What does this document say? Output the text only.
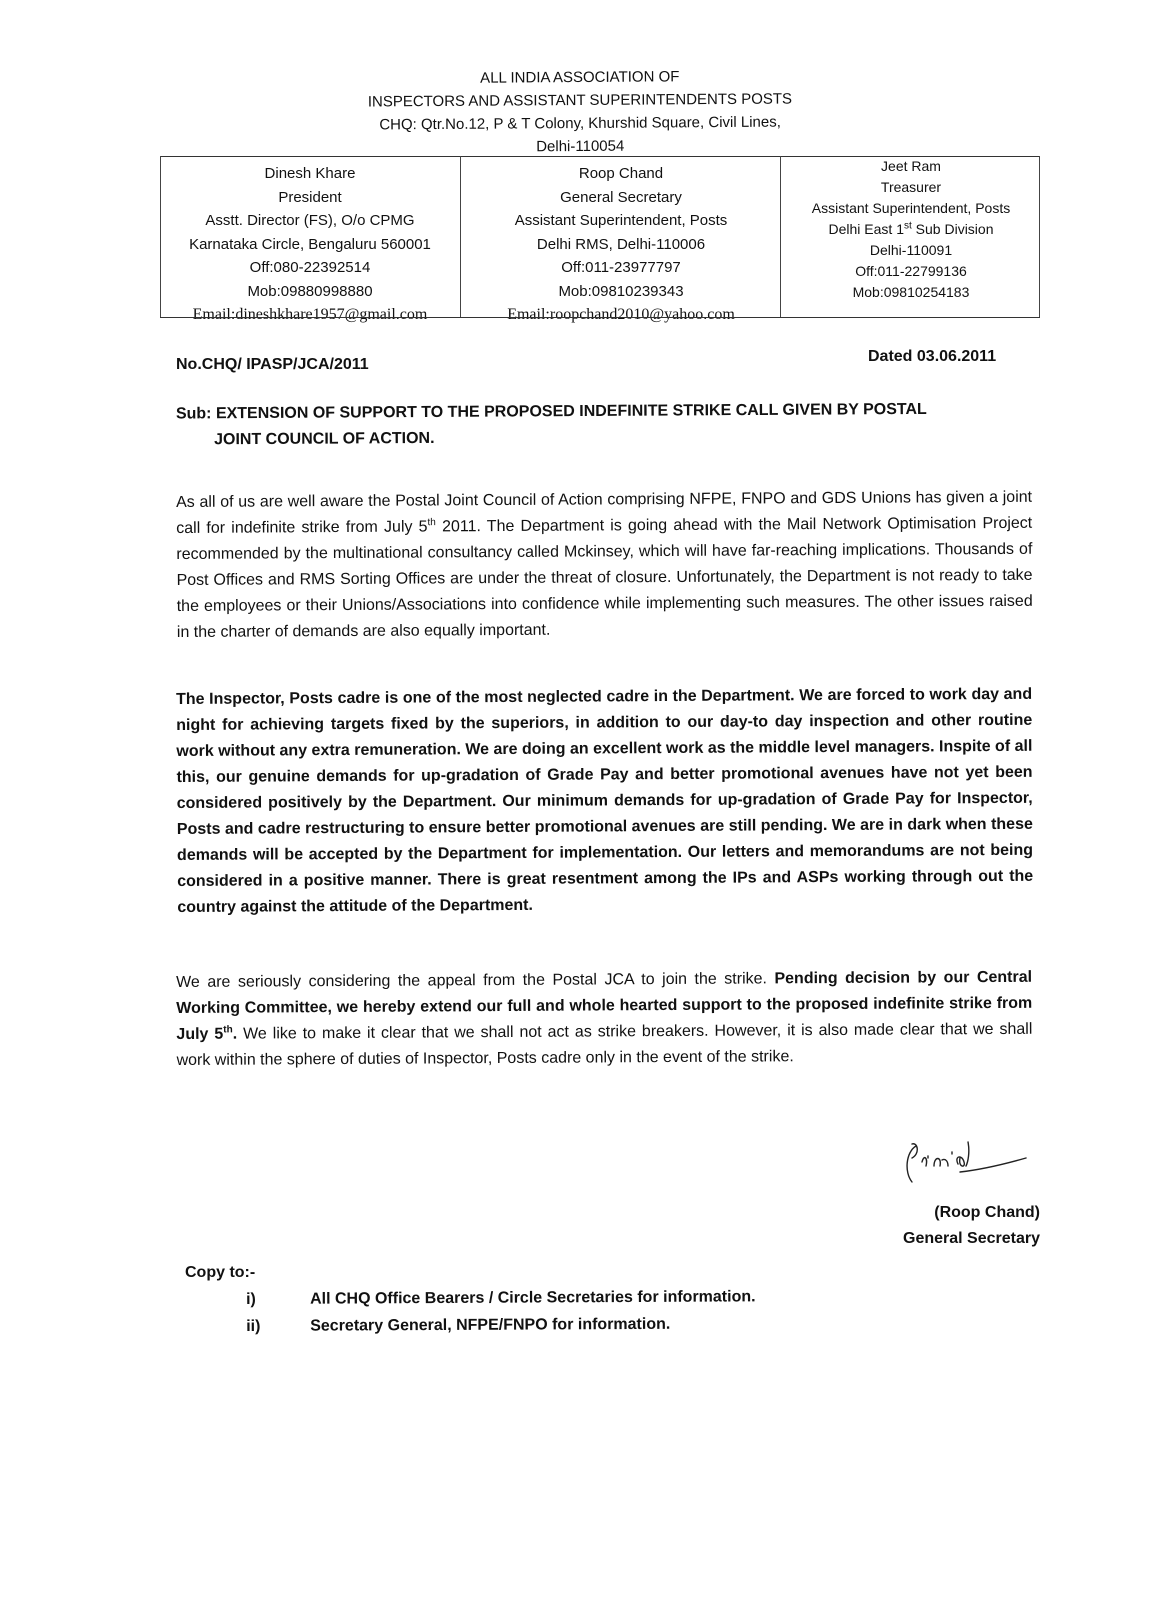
ALL INDIA ASSOCIATION OF
INSPECTORS AND ASSISTANT SUPERINTENDENTS POSTS
CHQ: Qtr.No.12, P & T Colony, Khurshid Square, Civil Lines,
Delhi-110054
Dinesh Khare
President
Asstt. Director (FS), O/o CPMG
Karnataka Circle, Bengaluru 560001
Off:080-22392514
Mob:09880998880
Email:dineshkhare1957@gmail.com
Roop Chand
General Secretary
Assistant Superintendent, Posts
Delhi RMS, Delhi-110006
Off:011-23977797
Mob:09810239343
Email:roopchand2010@yahoo.com
Jeet Ram
Treasurer
Assistant Superintendent, Posts
Delhi East 1st Sub Division
Delhi-110091
Off:011-22799136
Mob:09810254183
No.CHQ/ IPASP/JCA/2011	Dated 03.06.2011
Sub: EXTENSION OF SUPPORT TO THE PROPOSED INDEFINITE STRIKE CALL GIVEN BY POSTAL
JOINT COUNCIL OF ACTION.
As all of us are well aware the Postal Joint Council of Action comprising NFPE, FNPO and GDS Unions has given a joint call for indefinite strike from July 5th 2011. The Department is going ahead with the Mail Network Optimisation Project recommended by the multinational consultancy called Mckinsey, which will have far-reaching implications. Thousands of Post Offices and RMS Sorting Offices are under the threat of closure. Unfortunately, the Department is not ready to take the employees or their Unions/Associations into confidence while implementing such measures. The other issues raised in the charter of demands are also equally important.
The Inspector, Posts cadre is one of the most neglected cadre in the Department. We are forced to work day and night for achieving targets fixed by the superiors, in addition to our day-to day inspection and other routine work without any extra remuneration. We are doing an excellent work as the middle level managers. Inspite of all this, our genuine demands for up-gradation of Grade Pay and better promotional avenues have not yet been considered positively by the Department. Our minimum demands for up-gradation of Grade Pay for Inspector, Posts and cadre restructuring to ensure better promotional avenues are still pending. We are in dark when these demands will be accepted by the Department for implementation. Our letters and memorandums are not being considered in a positive manner. There is great resentment among the IPs and ASPs working through out the country against the attitude of the Department.
We are seriously considering the appeal from the Postal JCA to join the strike. Pending decision by our Central Working Committee, we hereby extend our full and whole hearted support to the proposed indefinite strike from July 5th. We like to make it clear that we shall not act as strike breakers. However, it is also made clear that we shall work within the sphere of duties of Inspector, Posts cadre only in the event of the strike.
(Roop Chand)
General Secretary
Copy to:-
i)	All CHQ Office Bearers / Circle Secretaries for information.
ii)	Secretary General, NFPE/FNPO for information.
